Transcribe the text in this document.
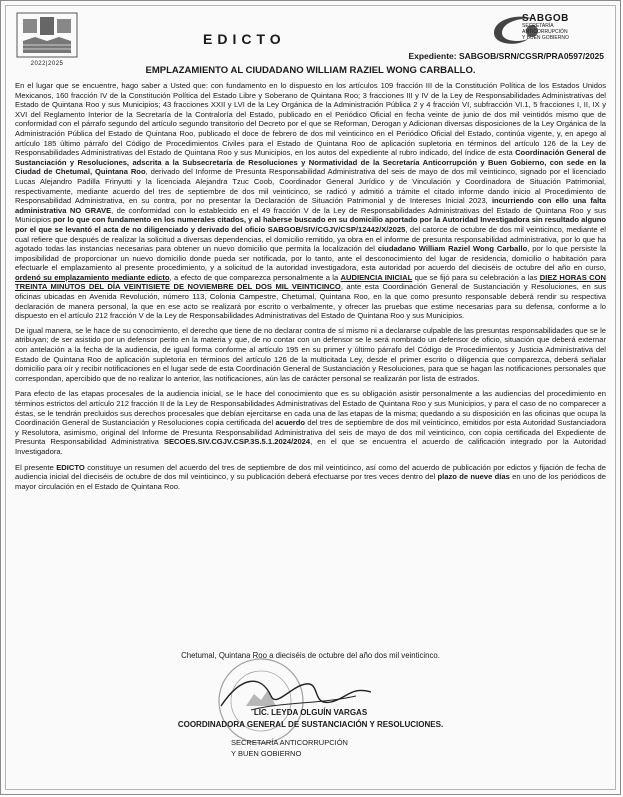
2022|2025
EDICTO
SABGOB
SECRETARÍA
ANTICORRUPCIÓN
Y BUEN GOBIERNO
Expediente: SABGOB/SRN/CGSR/PRA0597/2025
EMPLAZAMIENTO AL CIUDADANO WILLIAM RAZIEL WONG CARBALLO.

En el lugar que se encuentre, hago saber a Usted que: con fundamento en lo dispuesto en los artículos 109 fracción III de la Constitución Política de los Estados Unidos Mexicanos, 160 fracción IV de la Constitución Política del Estado Libre y Soberano de Quintana Roo; 3 fracciones III y IV de la Ley de Responsabilidades Administrativas del Estado de Quintana Roo y sus Municipios; 43 fracciones XXII y LVI de la Ley Orgánica de la Administración Pública 2 y 4 fracción VI, subfracción VI.1, 5 fracciones I, II, IX y XVI del Reglamento Interior de la Secretaría de la Contraloría del Estado, publicado en el Periódico Oficial en fecha veinte de junio de dos mil veintidós mismo que de conformidad con el párrafo segundo del artículo segundo transitorio del Decreto por el que se Reforman, Derogan y Adicionan diversas disposiciones de la Ley Orgánica de la Administración Pública del Estado de Quintana Roo, publicado el doce de febrero de dos mil veinticinco en el Periódico Oficial del Estado, continúa vigente, y, en apego al artículo 185 último párrafo del Código de Procedimientos Civiles para el Estado de Quintana Roo de aplicación supletoria en términos del artículo 126 de la Ley de Responsabilidades Administrativas del Estado de Quintana Roo y sus Municipios, en los autos del expediente al rubro indicado, del índice de esta Coordinación General de Sustanciación y Resoluciones, adscrita a la Subsecretaría de Resoluciones y Normatividad de la Secretaría Anticorrupción y Buen Gobierno, con sede en la Ciudad de Chetumal, Quintana Roo, derivado del Informe de Presunta Responsabilidad Administrativa del seis de mayo de dos mil veinticinco, signado por el licenciado Lucas Alejandro Padilla Frinyutti y la licenciada Alejandra Tzuc Coob, Coordinador General Jurídico y de Vinculación y Coordinadora de Situación Patrimonial, respectivamente, mediante acuerdo del tres de septiembre de dos mil veinticinco, se radicó y admitió a trámite el citado informe dando inicio al Procedimiento de Responsabilidad Administrativa, en su contra, por no presentar la Declaración de Situación Patrimonial y de Intereses Inicial 2023, incurriendo con ello una falta administrativa NO GRAVE, de conformidad con lo establecido en el 49 fracción V de la Ley de Responsabilidades Administrativas del Estado de Quintana Roo y sus Municipios por lo que con fundamento en los numerales citados, y al haberse buscado en su domicilio aportado por la Autoridad Investigadora sin resultado alguno por el que se levantó el acta de no diligenciado y derivado del oficio SABGOB/SIV/CGJV/CSP/12442/X/2025, del catorce de octubre de dos mil veinticinco, mediante el cual refiere que después de realizar la solicitud a diversas dependencias, el domicilio remitido, ya obra en el informe de presunta responsabilidad administrativa, por lo que ha agotado todas las instancias necesarias para obtener un nuevo domicilio que permita la localización del ciudadano William Raziel Wong Carballo, por lo que persiste la imposibilidad de proporcionar un nuevo domicilio donde pueda ser notificada, por lo tanto, ante el desconocimiento del lugar de residencia, domicilio o habitación para efectuarle el emplazamiento al presente procedimiento, y a solicitud de la autoridad investigadora, esta autoridad por acuerdo del dieciséis de octubre del año en curso, ordenó su emplazamiento mediante edicto, a efecto de que comparezca personalmente a la AUDIENCIA INICIAL que se fijó para su celebración a las DIEZ HORAS CON TREINTA MINUTOS DEL DÍA VEINTISIETE DE NOVIEMBRE DEL DOS MIL VEINTICINCO, ante esta Coordinación General de Sustanciación y Resoluciones, en sus oficinas ubicadas en Avenida Revolución, número 113, Colonia Campestre, Chetumal, Quintana Roo, en la que como presunto responsable deberá rendir su respectiva declaración de manera personal, la que en ese acto se realizará por escrito o verbalmente, y ofrecer las pruebas que estime necesarias para su defensa, conforme a lo dispuesto en el artículo 212 fracción V de la Ley de Responsabilidades Administrativas del Estado de Quintana Roo y sus Municipios.

De igual manera, se le hace de su conocimiento, el derecho que tiene de no declarar contra de sí mismo ni a declararse culpable de las presuntas responsabilidades que se le atribuyan; de ser asistido por un defensor perito en la materia y que, de no contar con un defensor se le será nombrado un defensor de oficio, situación que deberá externar con antelación a la fecha de la audiencia, de igual forma conforme al artículo 195 en su primer y último párrafo del Código de Procedimientos y Justicia Administrativa del Estado de Quintana Roo de aplicación supletoria en términos del artículo 126 de la multicitada Ley, desde el primer escrito o diligencia que comparezca, deberá señalar domicilio para oír y recibir notificaciones en el lugar sede de esta Coordinación General de Sustanciación y Resoluciones, para que se hagan las notificaciones personales que correspondan, apercibido que de no realizar lo anterior, las notificaciones, aún las de carácter personal se realizarán por lista de estrados.

Para efecto de las etapas procesales de la audiencia inicial, se le hace del conocimiento que es su obligación asistir personalmente a las audiencias del procedimiento en términos estrictos del artículo 212 fracción II de la Ley de Responsabilidades Administrativas del Estado de Quintana Roo y sus Municipios, y para el caso de no comparecer a éstas, se le tendrán precluidos sus derechos procesales que debían ejercitarse en cada una de las etapas de la misma; quedando a su disposición en las oficinas que ocupa la Coordinación General de Sustanciación y Resoluciones copia certificada del acuerdo del tres de septiembre de dos mil veinticinco, emitidos por esta Autoridad Sustanciadora y Resolutora, asimismo, original del Informe de Presunta Responsabilidad Administrativa del seis de mayo de dos mil veinticinco, con copia certificada del Expediente de Presunta Responsabilidad Administrativa SECOES.SIV.CGJV.CSP.3S.5.1.2024/2024, en el que se encuentra el acuerdo de calificación integrado por la Autoridad Investigadora.

El presente EDICTO constituye un resumen del acuerdo del tres de septiembre de dos mil veinticinco, así como del acuerdo de publicación por edictos y fijación de fecha de audiencia inicial del dieciséis de octubre de dos mil veinticinco, y su publicación deberá efectuarse por tres veces dentro del plazo de nueve días en uno de los periódicos de mayor circulación en el Estado de Quintana Roo.

Chetumal, Quintana Roo a dieciséis de octubre del año dos mil veinticinco.
LIC. LEYDA OLGUÍN VARGAS
COORDINADORA GENERAL DE SUSTANCIACIÓN Y RESOLUCIONES.
SECRETARÍA ANTICORRUPCIÓN
Y BUEN GOBIERNO
